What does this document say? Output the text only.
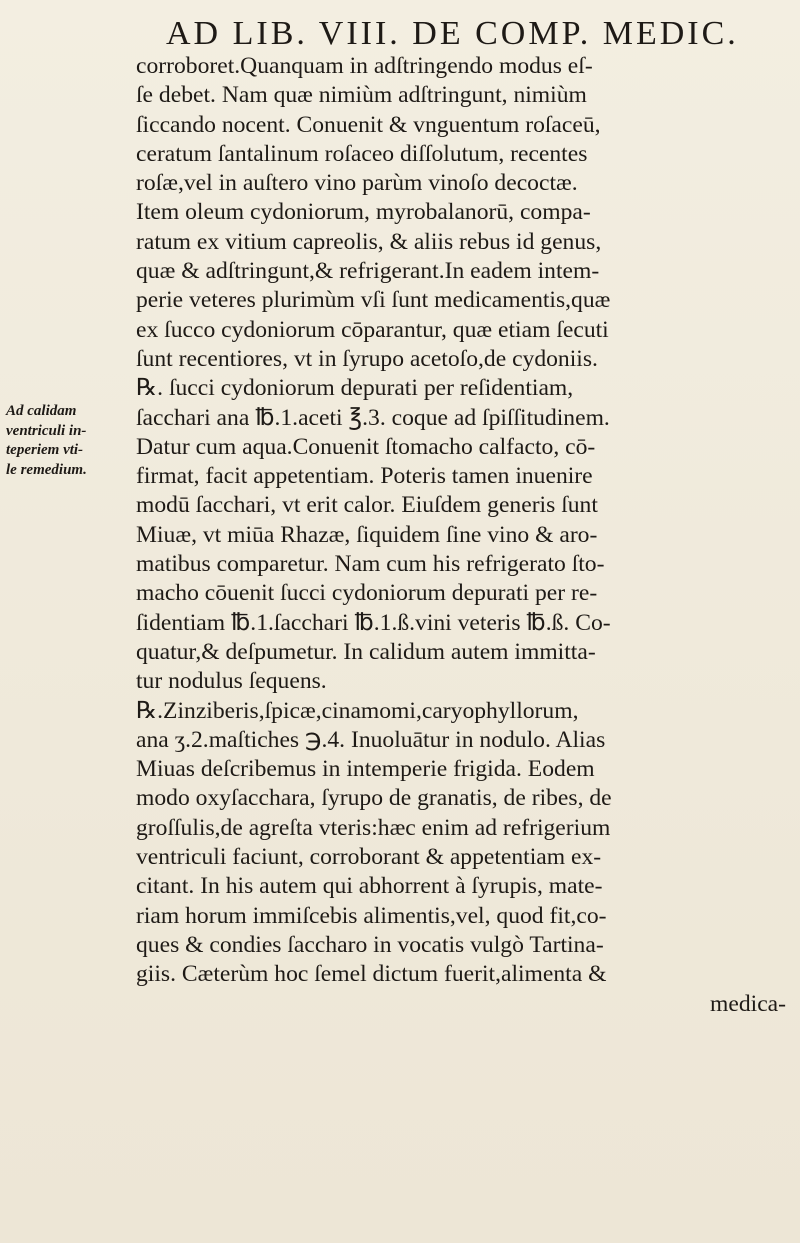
AD LIB. VIII. DE COMP. MEDIC.
Ad calidam
ventriculi in-
teperiem vti-
le remedium.
corroboret.Quanquam in adſtringendo modus eſ-
ſe debet. Nam quæ nimiùm adſtringunt, nimiùm
ſiccando nocent. Conuenit & vnguentum roſaceū,
ceratum ſantalinum roſaceo diſſolutum, recentes
roſæ,vel in auſtero vino parùm vinoſo decoctæ.
Item oleum cydoniorum, myrobalanorū, compa-
ratum ex vitium capreolis, & aliis rebus id genus,
quæ & adſtringunt,& refrigerant.In eadem intem-
perie veteres plurimùm vſi ſunt medicamentis,quæ
ex ſucco cydoniorum cōparantur, quæ etiam ſecuti
ſunt recentiores, vt in ſyrupo acetoſo,de cydoniis.
℞. ſucci cydoniorum depurati per reſidentiam,
ſacchari ana ℔.1.aceti ℥.3. coque ad ſpiſſitudinem.
Datur cum aqua.Conuenit ſtomacho calfacto, cō-
firmat, facit appetentiam. Poteris tamen inuenire
modū ſacchari, vt erit calor. Eiuſdem generis ſunt
Miuæ, vt miūa Rhazæ, ſiquidem ſine vino & aro-
matibus comparetur. Nam cum his refrigerato ſto-
macho cōuenit ſucci cydoniorum depurati per re-
ſidentiam ℔.1.ſacchari ℔.1.ß.vini veteris ℔.ß. Co-
quatur,& deſpumetur. In calidum autem immitta-
tur nodulus ſequens.
℞.Zinziberis,ſpicæ,cinamomi,caryophyllorum,
ana ʒ.2.maſtiches ℈.4. Inuoluātur in nodulo. Alias
Miuas deſcribemus in intemperie frigida. Eodem
modo oxyſacchara, ſyrupo de granatis, de ribes, de
groſſulis,de agreſta vteris:hæc enim ad refrigerium
ventriculi faciunt, corroborant & appetentiam ex-
citant. In his autem qui abhorrent à ſyrupis, mate-
riam horum immiſcebis alimentis,vel, quod fit,co-
ques & condies ſaccharo in vocatis vulgò Tartina-
giis. Cæterùm hoc ſemel dictum fuerit,alimenta &
medica-
